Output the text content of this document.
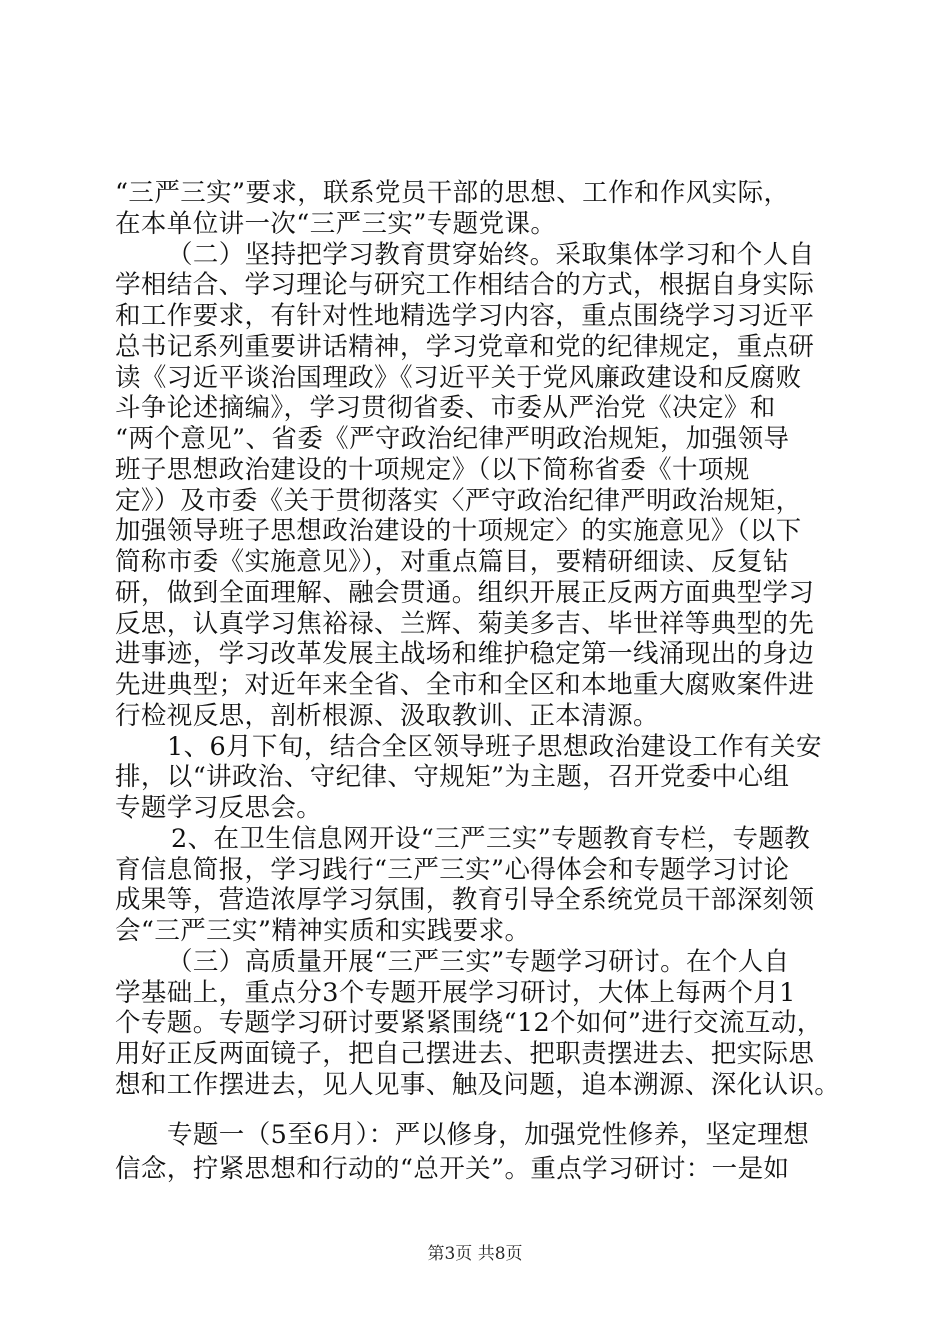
“三严三实”要求，联系党员干部的思想、工作和作风实际，
在本单位讲一次“三严三实”专题党课。
（二）坚持把学习教育贯穿始终。采取集体学习和个人自
学相结合、学习理论与研究工作相结合的方式，根据自身实际
和工作要求，有针对性地精选学习内容，重点围绕学习习近平
总书记系列重要讲话精神，学习党章和党的纪律规定，重点研
读《习近平谈治国理政》《习近平关于党风廉政建设和反腐败
斗争论述摘编》，学习贯彻省委、市委从严治党《决定》和
“两个意见”、省委《严守政治纪律严明政治规矩，加强领导
班子思想政治建设的十项规定》（以下简称省委《十项规
定》）及市委《关于贯彻落实〈严守政治纪律严明政治规矩，
加强领导班子思想政治建设的十项规定〉的实施意见》（以下
简称市委《实施意见》），对重点篇目，要精研细读、反复钻
研，做到全面理解、融会贯通。组织开展正反两方面典型学习
反思，认真学习焦裕禄、兰辉、菊美多吉、毕世祥等典型的先
进事迹，学习改革发展主战场和维护稳定第一线涌现出的身边
先进典型；对近年来全省、全市和全区和本地重大腐败案件进
行检视反思，剖析根源、汲取教训、正本清源。
1、6月下旬，结合全区领导班子思想政治建设工作有关安
排，以“讲政治、守纪律、守规矩”为主题，召开党委中心组
专题学习反思会。
2、在卫生信息网开设“三严三实”专题教育专栏，专题教
育信息简报，学习践行“三严三实”心得体会和专题学习讨论
成果等，营造浓厚学习氛围，教育引导全系统党员干部深刻领
会“三严三实”精神实质和实践要求。
（三）高质量开展“三严三实”专题学习研讨。在个人自
学基础上，重点分3个专题开展学习研讨，大体上每两个月1
个专题。专题学习研讨要紧紧围绕“12个如何”进行交流互动，
用好正反两面镜子，把自己摆进去、把职责摆进去、把实际思
想和工作摆进去，见人见事、触及问题，追本溯源、深化认识。
专题一（5至6月）：严以修身，加强党性修养，坚定理想
信念，拧紧思想和行动的“总开关”。重点学习研讨：一是如
第3页 共8页
